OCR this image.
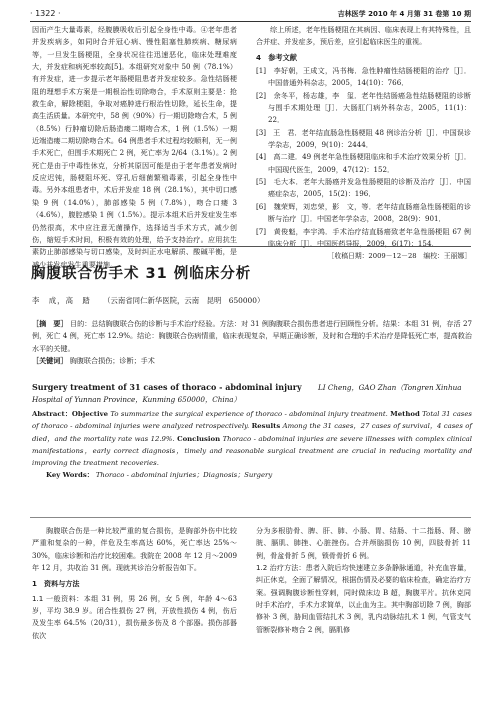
· 1322 ·	吉林医学 2010 年 4 月第 31 卷第 10 期

因而产生大量毒素，经腹膜吸收后引起全身性中毒。④老年患者并发疾病多，如同时合并冠心病、慢性阻塞性肺疾病、糖尿病等，一旦发生肠梗阻，全身状况往往迅速恶化，临床处理难度大，并发症和病死率较高[5]。本组研究对象中 50 例（78.1%）有并发症，进一步提示老年肠梗阻患者并发症较多。急性结肠梗阻的理想手术方案是一期根治性切除吻合，手术原则主要是：抢救生命，解除梗阻，争取对癌肿进行根治性切除，延长生命，提高生活质量。本研究中，58 例（90%）行一期切除吻合术，5 例（8.5%）行肿瘤切除后肠造瘘二期吻合术，1 例（1.5%）一期近端造瘘二期切除吻合术。64 例患者手术过程均较顺利，无一例手术死亡，但围手术期死亡 2 例，死亡率为 2/64（3.1%）。2 例死亡是由于中毒性休克，分析其原因可能是由于老年患者发病时反应迟钝，肠梗阻坏死、穿孔后细菌繁殖毒素，引起全身性中毒。另外本组患者中，术后并发症 18 例（28.1%），其中切口感染 9 例（14.0%），肺部感染 5 例（7.8%），吻合口瘘 3（4.6%），腹腔感染 1 例（1.5%）。提示本组术后并发症发生率仍然很高，术中应注意无菌操作，选择适当手术方式，减少创伤，缩短手术时间，积极有效的处理，给予支持治疗。应用抗生素防止肺部感染与切口感染，及时纠正水电解质、酸碱平衡，是减少并发症发生重要措施。

综上所述，老年性肠梗阻在其病因、临床表现上有其特殊性，且合并症、并发症多，预后差，应引起临床医生的重视。

4　参考文献

[1]　李好朝，王成文，冯书梅．急性肿瘤性结肠梗阻的治疗［J］．中国普通外科杂志，2005，14(10)：766．

[2]　余冬平，杨志雄，李　玺．老年性结肠癌急性结肠梗阻的诊断与围手术期处理［J］．大肠肛门病外科杂志，2005，11(1)：22．

[3]　王　君．老年结直肠急性肠梗阻 48 例诊治分析［J］．中国误诊学杂志，2009，9(10)：2444．

[4]　高二建．49 例老年急性肠梗阻临床和手术治疗效果分析［J］．中国现代医生，2009，47(12)：152．

[5]　毛大本．老年大肠癌并发急性肠梗阻的诊断及治疗［J］．中国癌症杂志，2005，15(2)：196．

[6]　魏荣辉，刘忠荣，影　文，等．老年结直肠癌急性肠梗阻的诊断与治疗［J］．中国老年学杂志，2008，28(9)：901．

[7]　黄俊魁，李宇鸿．手术治疗结直肠癌致老年急性肠梗阻 67 例临床分析［J］．中国医药导报，2009，6(17)：154．

［收稿日期：2009－12－28　编校：王丽娜］

胸腹联合伤手术 31 例临床分析
李　成，高　踏 （云南省同仁新华医院，云南　昆明　650000）

［摘　要］ 目的：总结胸腹联合伤的诊断与手术治疗经验。方法：对 31 例胸腹联合损伤患者进行回顾性分析。结果：本组 31 例，存活 27 例，死亡 4 例，死亡率 12.9%。结论：胸腹联合伤病情重，临床表现复杂，早期正确诊断，及时和合理的手术治疗是降低死亡率，提高救治水平的关键。

［关键词］ 胸腹联合损伤；诊断；手术

Surgery treatment of 31 cases of thoraco - abdominal injury LI Cheng，GAO Zhan（Tongren Xinhua Hospital of Yunnan Province，Kunming 650000，China）

Abstract：Objective To summarize the surgical experience of thoraco - abdominal injury treatment. Method Total 31 cases of thoraco - abdominal injuries were analyzed retrospectively. Results Among the 31 cases，27 cases of survival，4 cases of died，and the mortality rate was 12.9%. Conclusion Thoraco - abdominal injuries are severe illnesses with complex clinical manifestations，early correct diagnosis，timely and reasonable surgical treatment are crucial in reducing mortality and improving the treatment recoveries.

Key Words： Thoraco - abdominal injuries；Diagnosis；Surgery

胸腹联合伤是一种比较严重的复合损伤，是胸部外伤中比较严重和复杂的一种，伴危及生率高达 60%，死亡率达 25%～30%，临床诊断和治疗比较困难。我院在 2008 年 12 月～2009 年 12 月，共收治 31 例。现就其诊治分析报告如下。

1　资料与方法

1.1 一般资料：本组 31 例，男 26 例，女 5 例，年龄 4～63 岁，平均 38.9 岁。闭合性损伤 27 例，开放性损伤 4 例，伤后及发生率 64.5%（20/31），损伤最多伤及 8 个部器。损伤部器依次

分为多根肋骨、脾、肝、肺、小肠、胃、结肠、十二指肠、肾、膀胱、膈肌、肺挫、心脏挫伤。合并颅脑损伤 10 例，四肢骨折 11 例，骨盆骨折 5 例，锁骨骨折 6 例。

1.2 治疗方法：患者入院后均快速建立多条静脉通道，补充血容量，纠正休克，全面了解情况，根据伤情及必要的临床检查，确定治疗方案。强调胸腹诊断性穿刺，同时做床边 B 超，胸腹平片。抗休克同时手术治疗，手术力求简单，以止血为主。其中胸部切除 7 例，胸部修补 3 例，胁间血管结扎术 3 例，乳内动脉结扎术 1 例，气管支气管断裂修补吻合 2 例，膈肌修
